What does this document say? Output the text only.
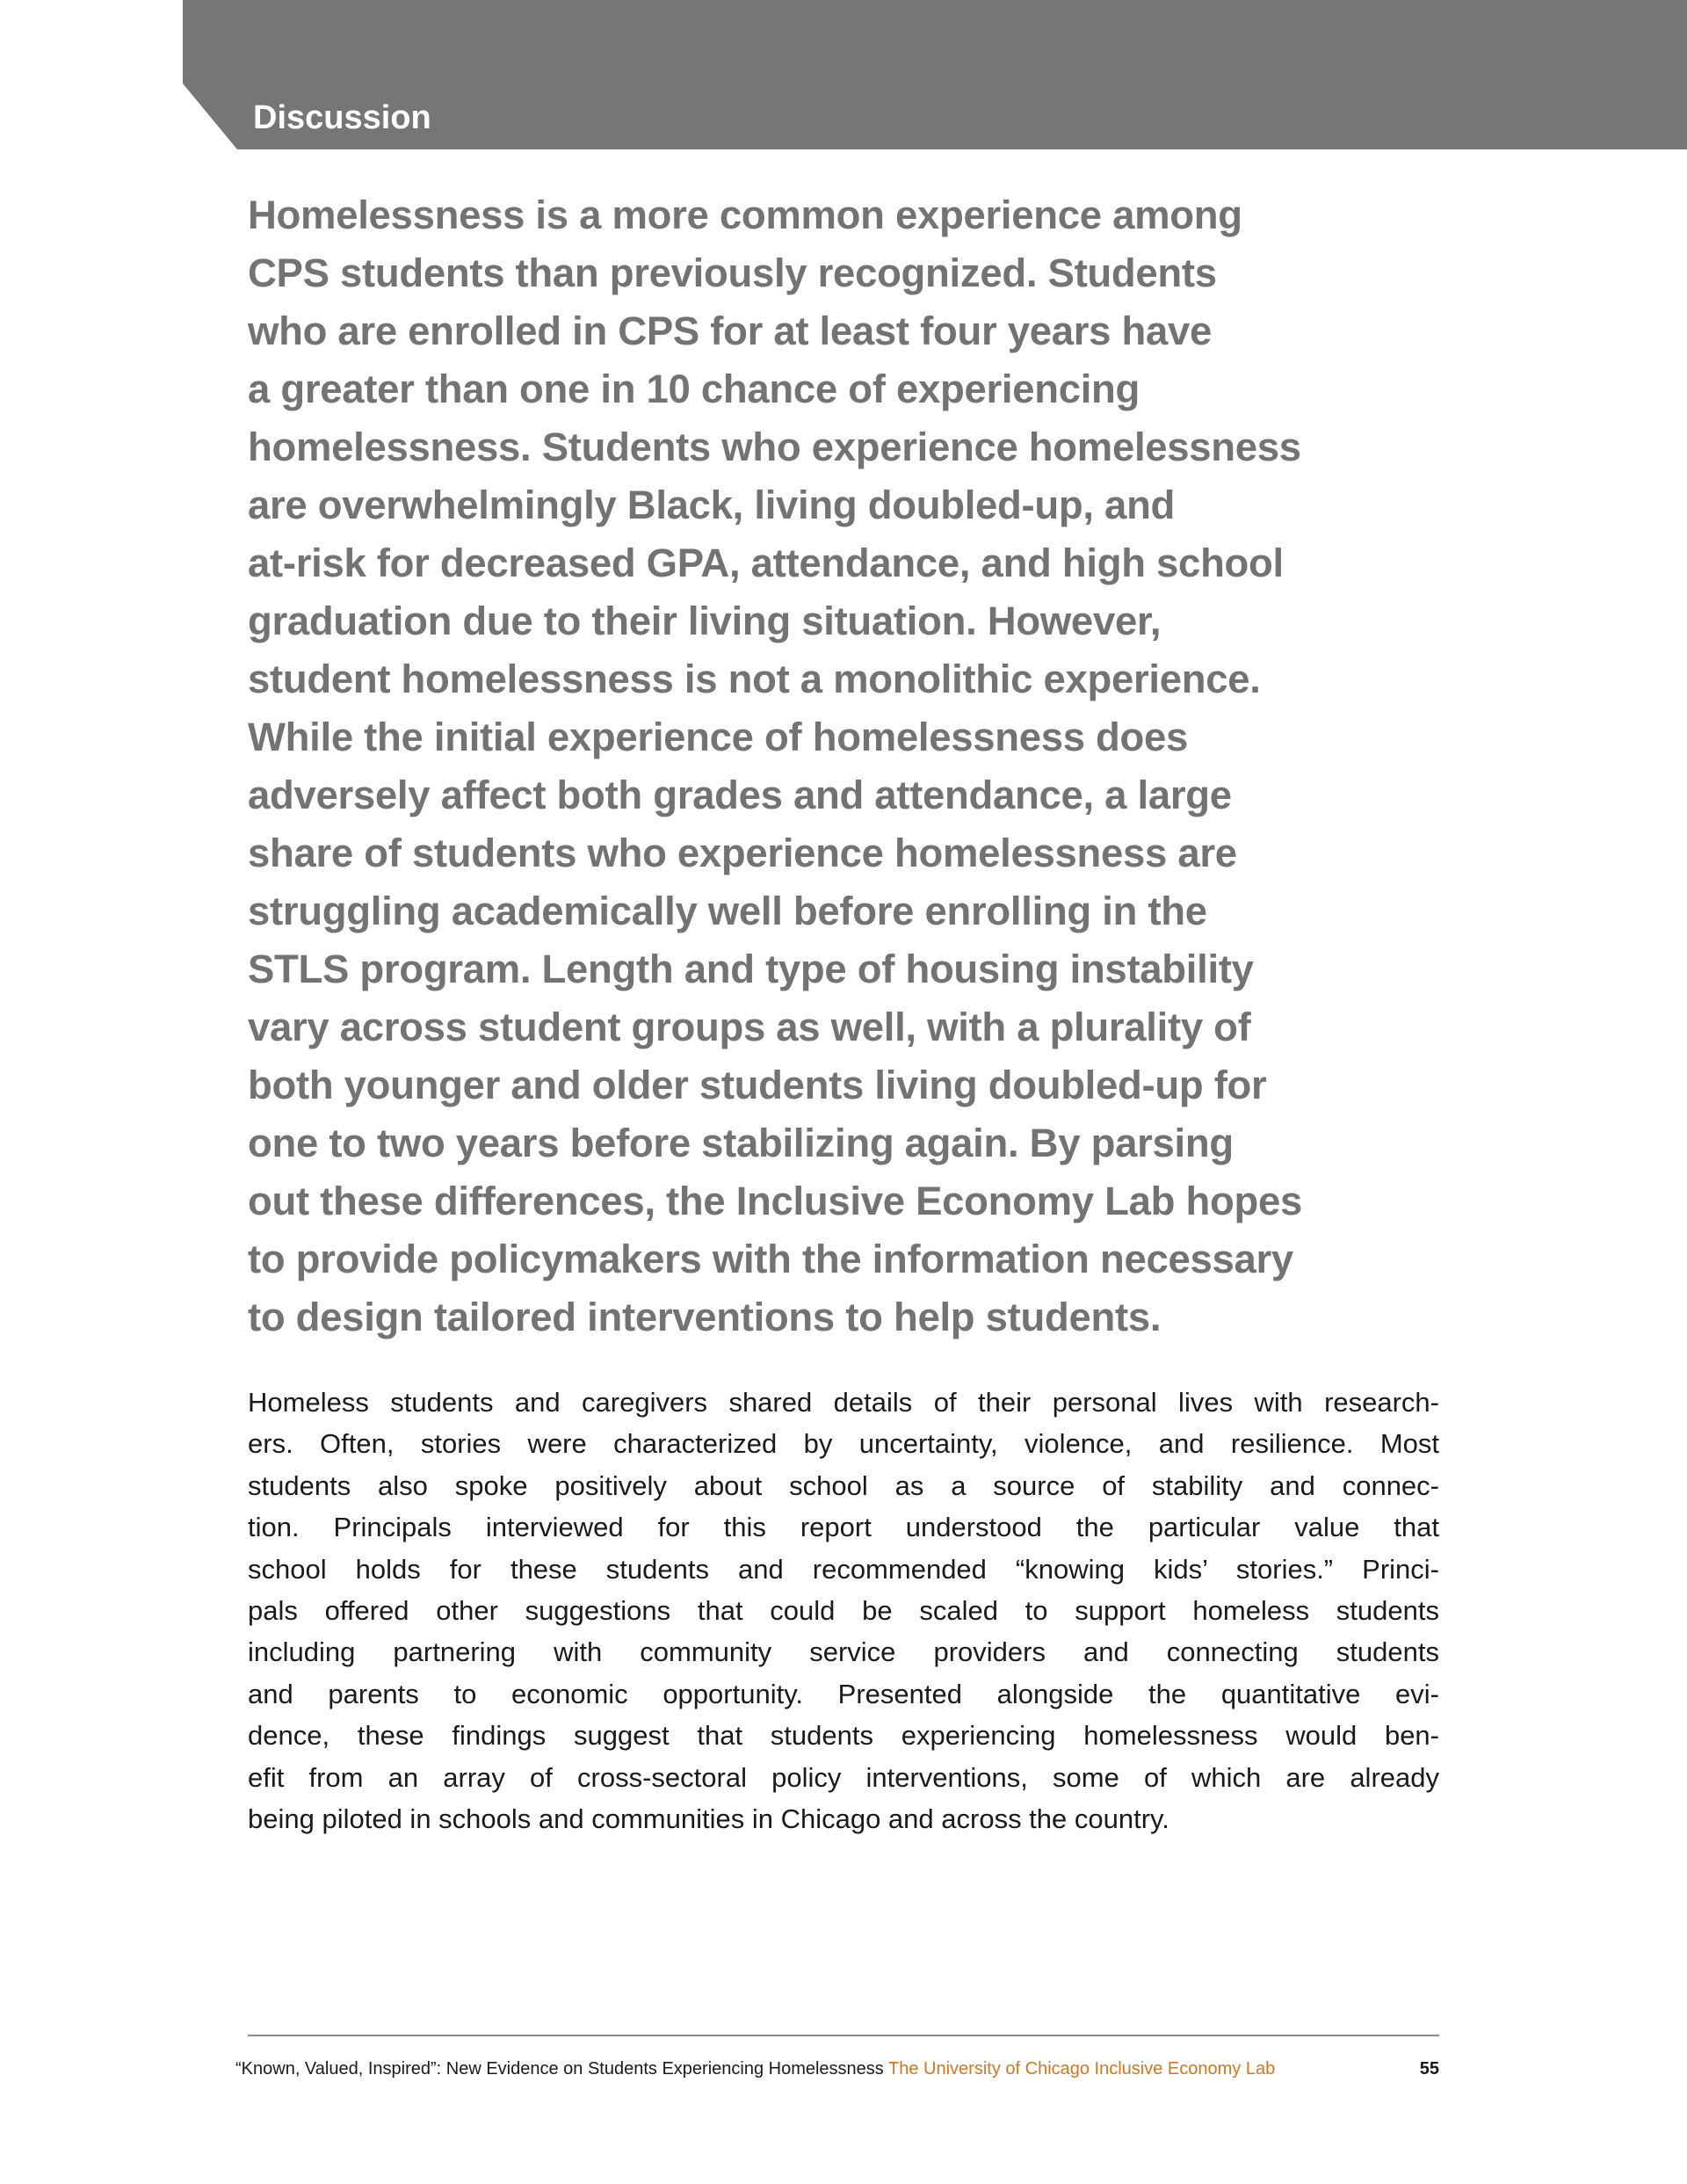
Discussion
Homelessness is a more common experience among
CPS students than previously recognized. Students
who are enrolled in CPS for at least four years have
a greater than one in 10 chance of experiencing
homelessness. Students who experience homelessness
are overwhelmingly Black, living doubled-up, and
at-risk for decreased GPA, attendance, and high school
graduation due to their living situation. However,
student homelessness is not a monolithic experience.
While the initial experience of homelessness does
adversely affect both grades and attendance, a large
share of students who experience homelessness are
struggling academically well before enrolling in the
STLS program. Length and type of housing instability
vary across student groups as well, with a plurality of
both younger and older students living doubled-up for
one to two years before stabilizing again. By parsing
out these differences, the Inclusive Economy Lab hopes
to provide policymakers with the information necessary
to design tailored interventions to help students.
Homeless students and caregivers shared details of their personal lives with research-
ers. Often, stories were characterized by uncertainty, violence, and resilience. Most
students also spoke positively about school as a source of stability and connec-
tion. Principals interviewed for this report understood the particular value that
school holds for these students and recommended “knowing kids’ stories.” Princi-
pals offered other suggestions that could be scaled to support homeless students
including partnering with community service providers and connecting students
and parents to economic opportunity. Presented alongside the quantitative evi-
dence, these findings suggest that students experiencing homelessness would ben-
efit from an array of cross-sectoral policy interventions, some of which are already
being piloted in schools and communities in Chicago and across the country.
“Known, Valued, Inspired”: New Evidence on Students Experiencing Homelessness The University of Chicago Inclusive Economy Lab	55
